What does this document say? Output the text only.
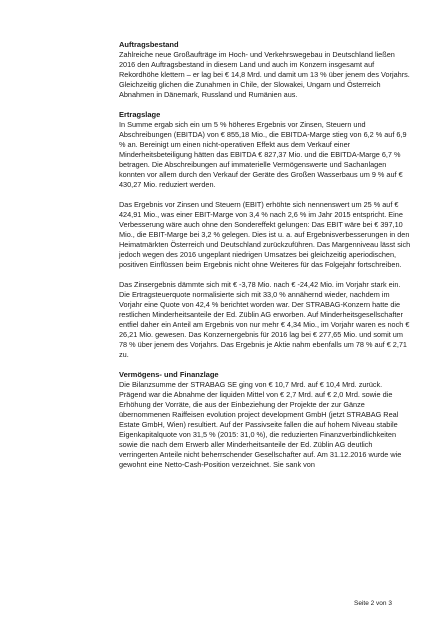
Auftragsbestand

Zahlreiche neue Großaufträge im Hoch- und Verkehrswegebau in Deutschland ließen 2016 den Auftragsbestand in diesem Land und auch im Konzern insgesamt auf Rekordhöhe klettern – er lag bei € 14,8 Mrd. und damit um 13 % über jenem des Vorjahrs. Gleichzeitig glichen die Zunahmen in Chile, der Slowakei, Ungarn und Österreich Abnahmen in Dänemark, Russland und Rumänien aus.

Ertragslage

In Summe ergab sich ein um 5 % höheres Ergebnis vor Zinsen, Steuern und Abschreibungen (EBITDA) von € 855,18 Mio., die EBITDA-Marge stieg von 6,2 % auf 6,9 % an. Bereinigt um einen nicht-operativen Effekt aus dem Verkauf einer Minderheitsbeteiligung hätten das EBITDA € 827,37 Mio. und die EBITDA-Marge 6,7 % betragen. Die Abschreibungen auf immaterielle Vermögenswerte und Sachanlagen konnten vor allem durch den Verkauf der Geräte des Großen Wasserbaus um 9 % auf € 430,27 Mio. reduziert werden.

Das Ergebnis vor Zinsen und Steuern (EBIT) erhöhte sich nennenswert um 25 % auf € 424,91 Mio., was einer EBIT-Marge von 3,4 % nach 2,6 % im Jahr 2015 entspricht. Eine Verbesserung wäre auch ohne den Sondereffekt gelungen: Das EBIT wäre bei € 397,10 Mio., die EBIT-Marge bei 3,2 % gelegen. Dies ist u. a. auf Ergebnisverbesserungen in den Heimatmärkten Österreich und Deutschland zurückzuführen. Das Margenniveau lässt sich jedoch wegen des 2016 ungeplant niedrigen Umsatzes bei gleichzeitig aperiodischen, positiven Einflüssen beim Ergebnis nicht ohne Weiteres für das Folgejahr fortschreiben.

Das Zinsergebnis dämmte sich mit € -3,78 Mio. nach € -24,42 Mio. im Vorjahr stark ein. Die Ertragsteuerquote normalisierte sich mit 33,0 % annähernd wieder, nachdem im Vorjahr eine Quote von 42,4 % berichtet worden war. Der STRABAG-Konzern hatte die restlichen Minderheitsanteile der Ed. Züblin AG erworben. Auf Minderheitsgesellschafter entfiel daher ein Anteil am Ergebnis von nur mehr € 4,34 Mio., im Vorjahr waren es noch € 26,21 Mio. gewesen. Das Konzernergebnis für 2016 lag bei € 277,65 Mio. und somit um 78 % über jenem des Vorjahrs. Das Ergebnis je Aktie nahm ebenfalls um 78 % auf € 2,71 zu.

Vermögens- und Finanzlage

Die Bilanzsumme der STRABAG SE ging von € 10,7 Mrd. auf € 10,4 Mrd. zurück. Prägend war die Abnahme der liquiden Mittel von € 2,7 Mrd. auf € 2,0 Mrd. sowie die Erhöhung der Vorräte, die aus der Einbeziehung der Projekte der zur Gänze übernommenen Raiffeisen evolution project development GmbH (jetzt STRABAG Real Estate GmbH, Wien) resultiert. Auf der Passivseite fallen die auf hohem Niveau stabile Eigenkapitalquote von 31,5 % (2015: 31,0 %), die reduzierten Finanzverbindlichkeiten sowie die nach dem Erwerb aller Minderheitsanteile der Ed. Züblin AG deutlich verringerten Anteile nicht beherrschender Gesellschafter auf. Am 31.12.2016 wurde wie gewohnt eine Netto-Cash-Position verzeichnet. Sie sank von

Seite 2 von 3
